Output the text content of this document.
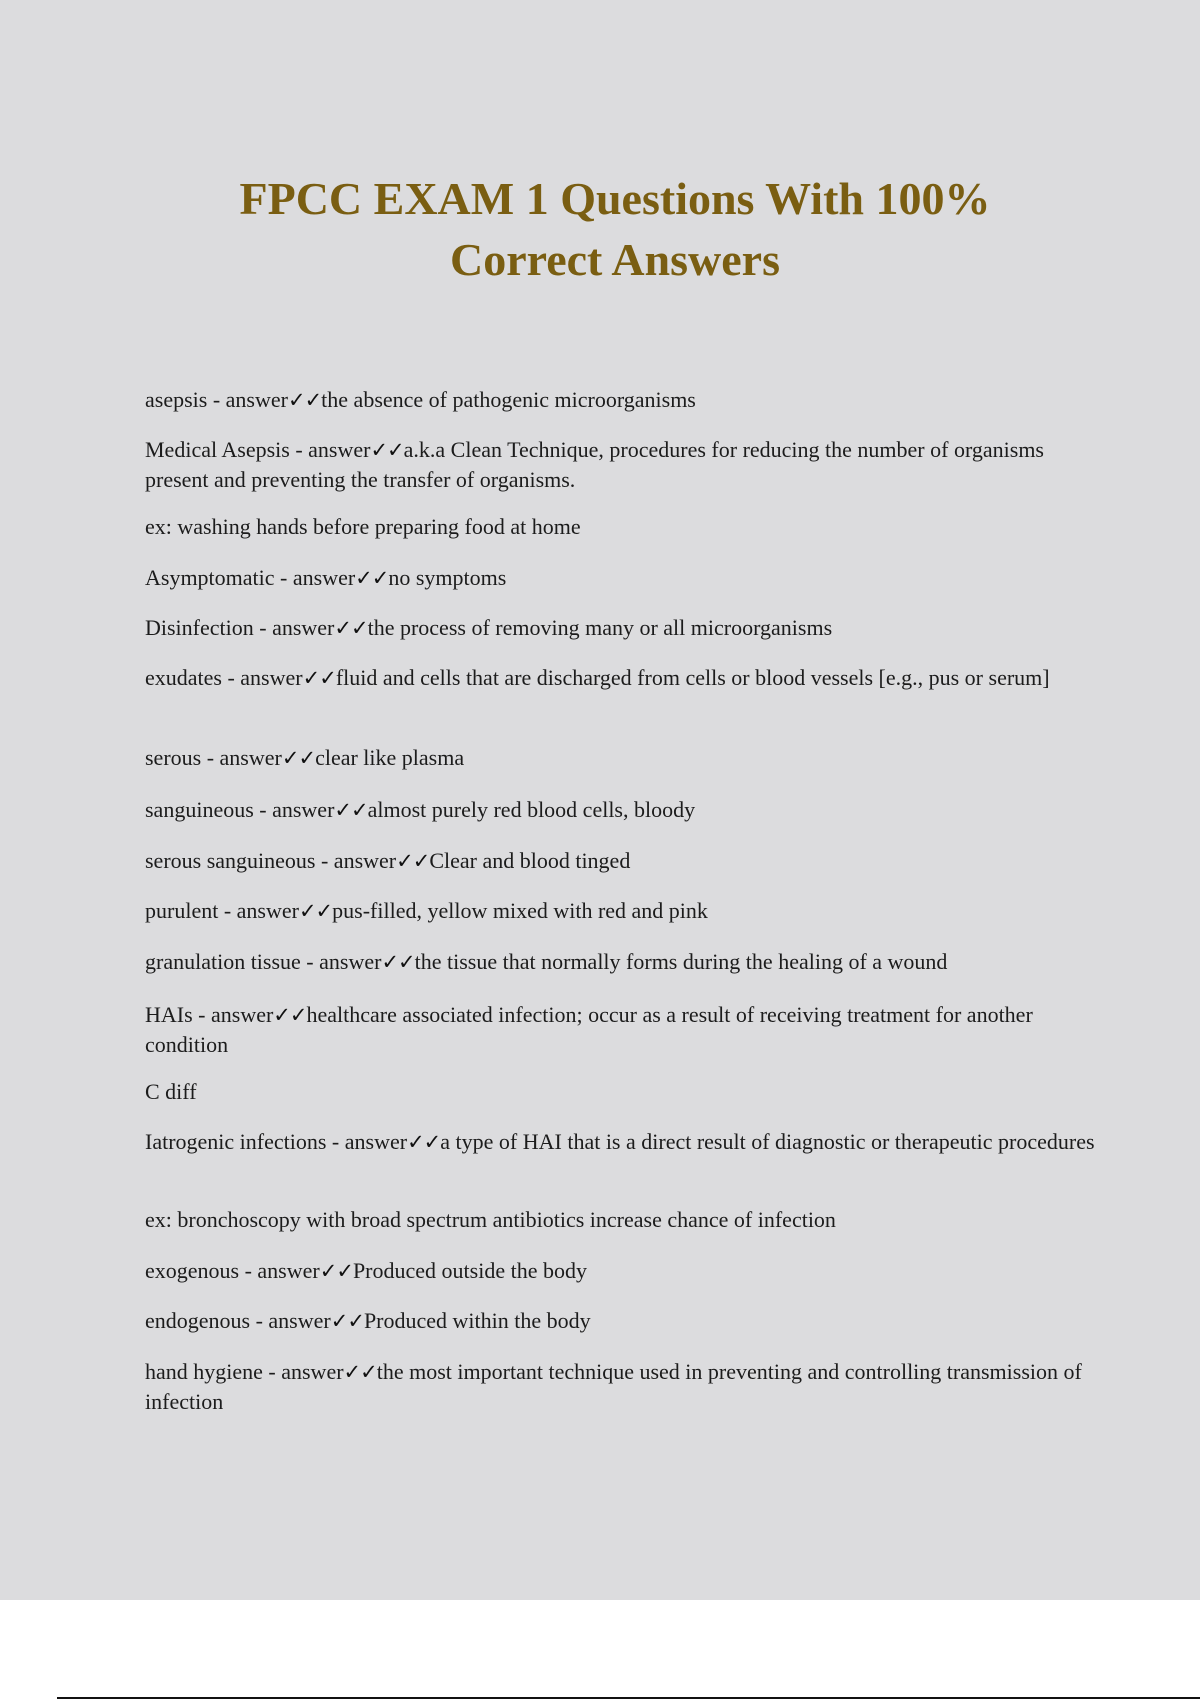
FPCC EXAM 1 Questions With 100%
Correct Answers
asepsis - answer✓✓the absence of pathogenic microorganisms
Medical Asepsis - answer✓✓a.k.a Clean Technique, procedures for reducing the number of organisms present and preventing the transfer of organisms.
ex: washing hands before preparing food at home
Asymptomatic - answer✓✓no symptoms
Disinfection - answer✓✓the process of removing many or all microorganisms
exudates - answer✓✓fluid and cells that are discharged from cells or blood vessels [e.g., pus or serum]
serous - answer✓✓clear like plasma
sanguineous - answer✓✓almost purely red blood cells, bloody
serous sanguineous - answer✓✓Clear and blood tinged
purulent - answer✓✓pus-filled, yellow mixed with red and pink
granulation tissue - answer✓✓the tissue that normally forms during the healing of a wound
HAIs - answer✓✓healthcare associated infection; occur as a result of receiving treatment for another condition
C diff
Iatrogenic infections - answer✓✓a type of HAI that is a direct result of diagnostic or therapeutic procedures
ex: bronchoscopy with broad spectrum antibiotics increase chance of infection
exogenous - answer✓✓Produced outside the body
endogenous - answer✓✓Produced within the body
hand hygiene - answer✓✓the most important technique used in preventing and controlling transmission of infection
